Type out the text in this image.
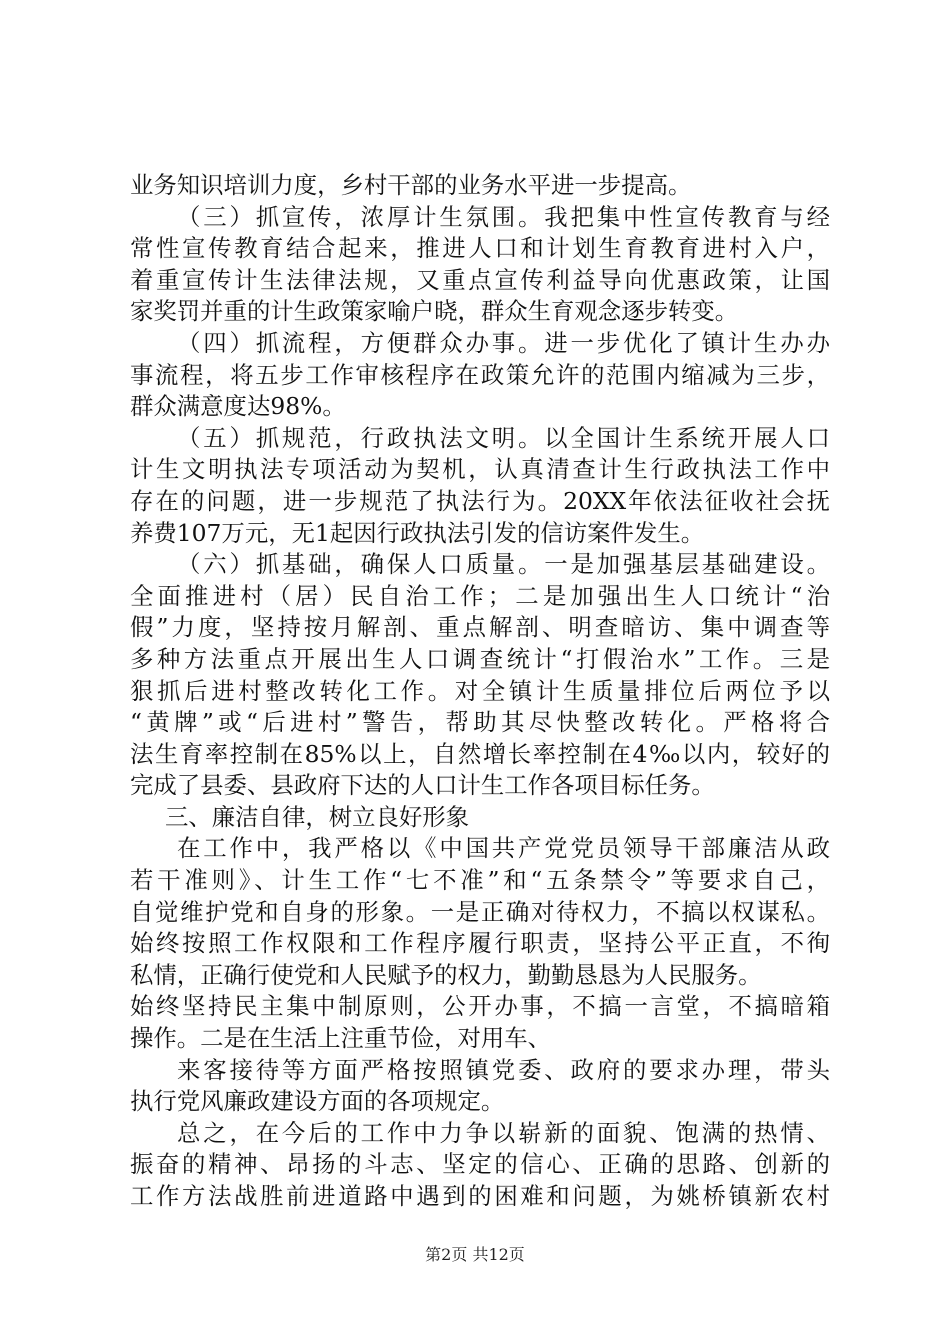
业务知识培训力度，乡村干部的业务水平进一步提高。
（三）抓宣传，浓厚计生氛围。我把集中性宣传教育与经
常性宣传教育结合起来，推进人口和计划生育教育进村入户，
着重宣传计生法律法规，又重点宣传利益导向优惠政策，让国
家奖罚并重的计生政策家喻户晓，群众生育观念逐步转变。
（四）抓流程，方便群众办事。进一步优化了镇计生办办
事流程，将五步工作审核程序在政策允许的范围内缩减为三步，
群众满意度达98%。
（五）抓规范，行政执法文明。以全国计生系统开展人口
计生文明执法专项活动为契机，认真清查计生行政执法工作中
存在的问题，进一步规范了执法行为。20XX年依法征收社会抚
养费107万元，无1起因行政执法引发的信访案件发生。
（六）抓基础，确保人口质量。一是加强基层基础建设。
全面推进村（居）民自治工作；二是加强出生人口统计“治
假”力度，坚持按月解剖、重点解剖、明查暗访、集中调查等
多种方法重点开展出生人口调查统计“打假治水”工作。三是
狠抓后进村整改转化工作。对全镇计生质量排位后两位予以
“黄牌”或“后进村”警告，帮助其尽快整改转化。严格将合
法生育率控制在85%以上，自然增长率控制在4‰以内，较好的
完成了县委、县政府下达的人口计生工作各项目标任务。
三、廉洁自律，树立良好形象
在工作中，我严格以《中国共产党党员领导干部廉洁从政
若干准则》、计生工作“七不准”和“五条禁令”等要求自己，
自觉维护党和自身的形象。一是正确对待权力，不搞以权谋私。
始终按照工作权限和工作程序履行职责，坚持公平正直，不徇
私情，正确行使党和人民赋予的权力，勤勤恳恳为人民服务。
始终坚持民主集中制原则，公开办事，不搞一言堂，不搞暗箱
操作。二是在生活上注重节俭，对用车、
来客接待等方面严格按照镇党委、政府的要求办理，带头
执行党风廉政建设方面的各项规定。
总之，在今后的工作中力争以崭新的面貌、饱满的热情、
振奋的精神、昂扬的斗志、坚定的信心、正确的思路、创新的
工作方法战胜前进道路中遇到的困难和问题，为姚桥镇新农村
第2页 共12页
